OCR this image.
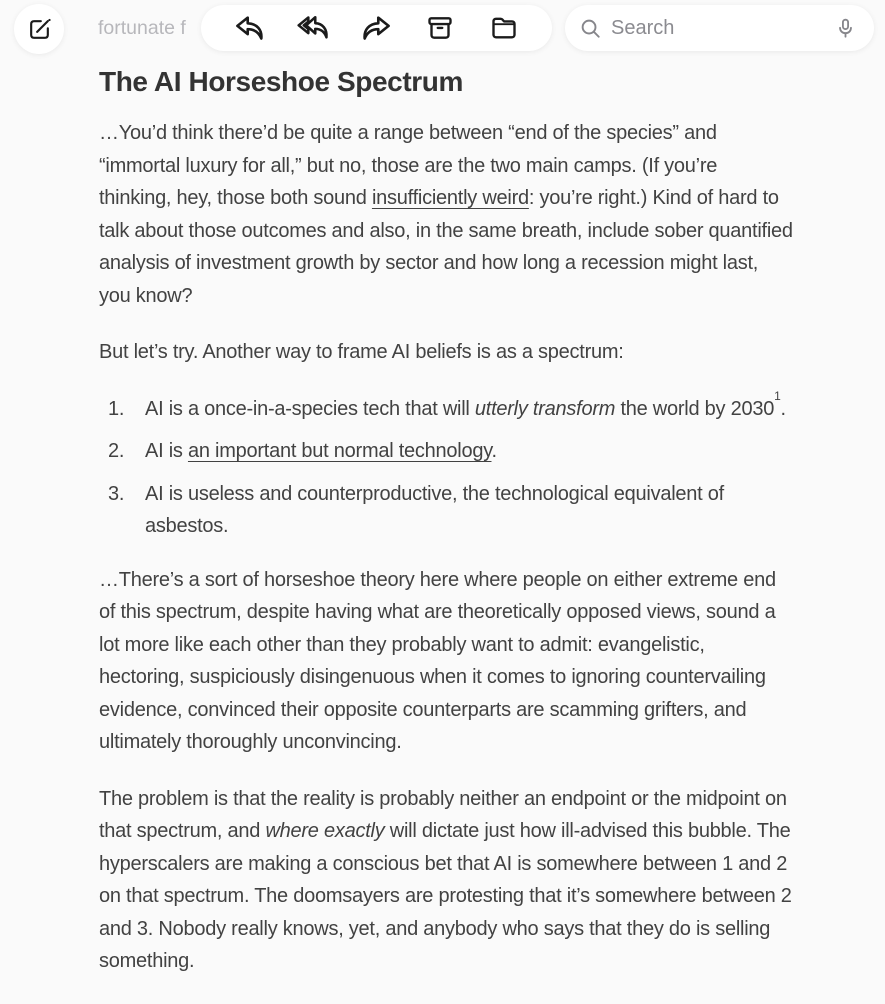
fortunate f	Search
The AI Horseshoe Spectrum

…You’d think there’d be quite a range between “end of the species” and “immortal luxury for all,” but no, those are the two main camps. (If you’re thinking, hey, those both sound insufficiently weird: you’re right.) Kind of hard to talk about those outcomes and also, in the same breath, include sober quantified analysis of investment growth by sector and how long a recession might last, you know?

But let’s try. Another way to frame AI beliefs is as a spectrum:

AI is a once-in-a-species tech that will utterly transform the world by 2030$^1$.
AI is an important but normal technology.
AI is useless and counterproductive, the technological equivalent of asbestos.

…There’s a sort of horseshoe theory here where people on either extreme end of this spectrum, despite having what are theoretically opposed views, sound a lot more like each other than they probably want to admit: evangelistic, hectoring, suspiciously disingenuous when it comes to ignoring countervailing evidence, convinced their opposite counterparts are scamming grifters, and ultimately thoroughly unconvincing.

The problem is that the reality is probably neither an endpoint or the midpoint on that spectrum, and where exactly will dictate just how ill-advised this bubble. The hyperscalers are making a conscious bet that AI is somewhere between 1 and 2 on that spectrum. The doomsayers are protesting that it’s somewhere between 2 and 3. Nobody really knows, yet, and anybody who says that they do is selling something.
